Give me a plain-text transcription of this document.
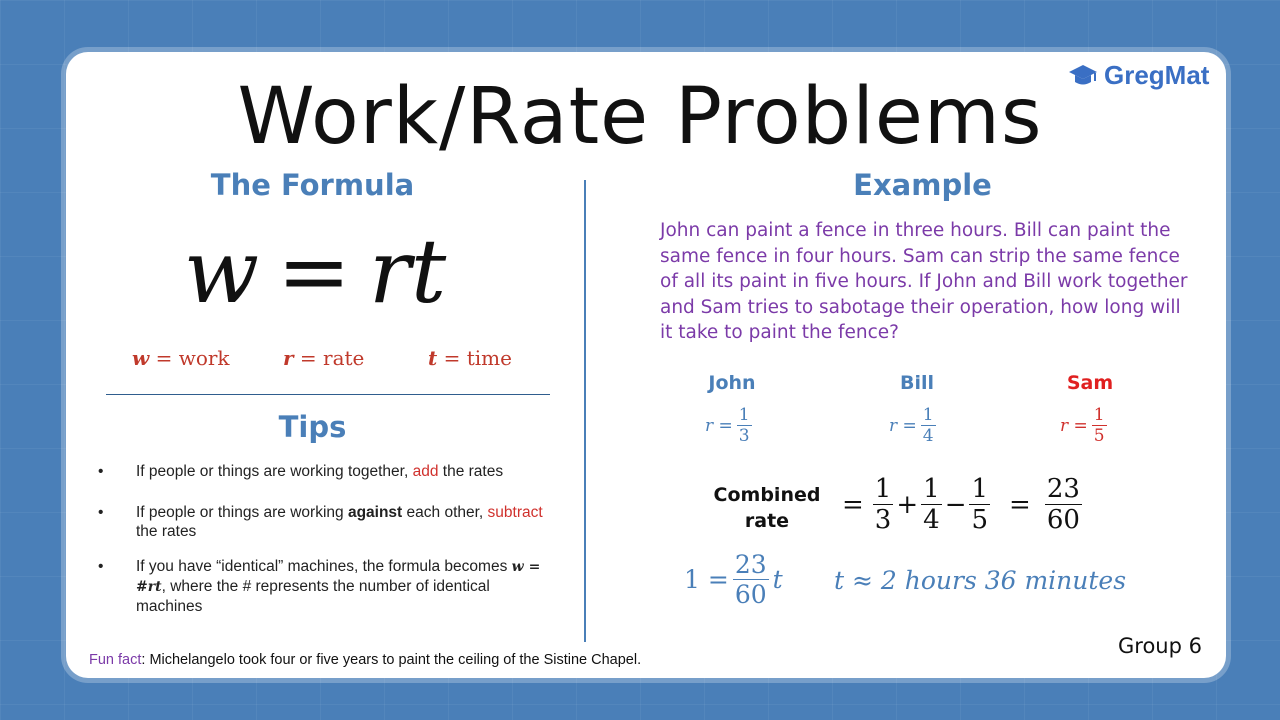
Work/Rate Problems	GregMat
The Formula
w = rt
w = work	r = rate	t = time
Tips
• If people or things are working together, add the rates
• If people or things are working against each other, subtract the rates
• If you have “identical” machines, the formula becomes w = #rt, where the # represents the number of identical machines
Example
John can paint a fence in three hours. Bill can paint the same fence in four hours. Sam can strip the same fence of all its paint in five hours. If John and Bill work together and Sam tries to sabotage their operation, how long will it take to paint the fence?
John	Bill	Sam
$r = \frac{1}{3}$	$r = \frac{1}{4}$	$r = \frac{1}{5}$
Combined
rate
= $\frac{1}{3} + \frac{1}{4} - \frac{1}{5} = \frac{23}{60}$
$1 = \frac{23}{60}$ t t ≈ 2 hours 36 minutes
Group 6
Fun fact: Michelangelo took four or five years to paint the ceiling of the Sistine Chapel.
